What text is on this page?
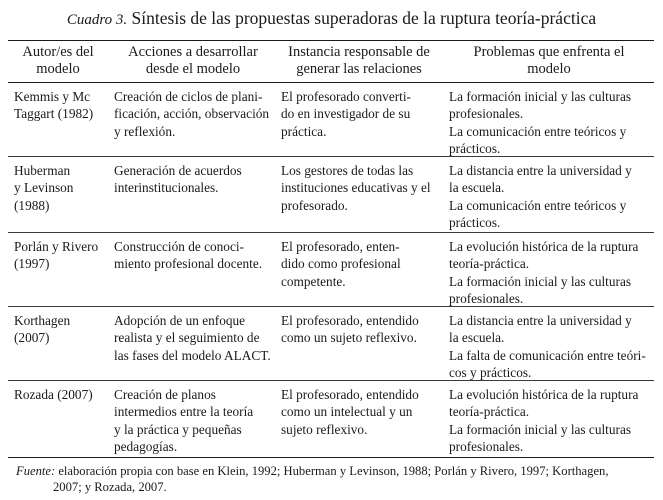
Cuadro 3. Síntesis de las propuestas superadoras de la ruptura teoría-práctica
Autor/es del
modelo
Acciones a desarrollar
desde el modelo
Instancia responsable de
generar las relaciones
Problemas que enfrenta el
modelo
Kemmis y Mc
Taggart (1982)
Creación de ciclos de plani-
ficación, acción, observación
y reflexión.
El profesorado converti-
do en investigador de su
práctica.
La formación inicial y las culturas
profesionales.
La comunicación entre teóricos y
prácticos.
Huberman
y Levinson
(1988)
Generación de acuerdos
interinstitucionales.
Los gestores de todas las
instituciones educativas y el
profesorado.
La distancia entre la universidad y
la escuela.
La comunicación entre teóricos y
prácticos.
Porlán y Rivero
(1997)
Construcción de conoci-
miento profesional docente.
El profesorado, enten-
dido como profesional
competente.
La evolución histórica de la ruptura
teoría-práctica.
La formación inicial y las culturas
profesionales.
Korthagen
(2007)
Adopción de un enfoque
realista y el seguimiento de
las fases del modelo ALACT.
El profesorado, entendido
como un sujeto reflexivo.
La distancia entre la universidad y
la escuela.
La falta de comunicación entre teóri-
cos y prácticos.
Rozada (2007)	Creación de planos
intermedios entre la teoría
y la práctica y pequeñas
pedagogías.
El profesorado, entendido
como un intelectual y un
sujeto reflexivo.
La evolución histórica de la ruptura
teoría-práctica.
La formación inicial y las culturas
profesionales.
Fuente: elaboración propia con base en Klein, 1992; Huberman y Levinson, 1988; Porlán y Rivero, 1997; Korthagen,
2007; y Rozada, 2007.
